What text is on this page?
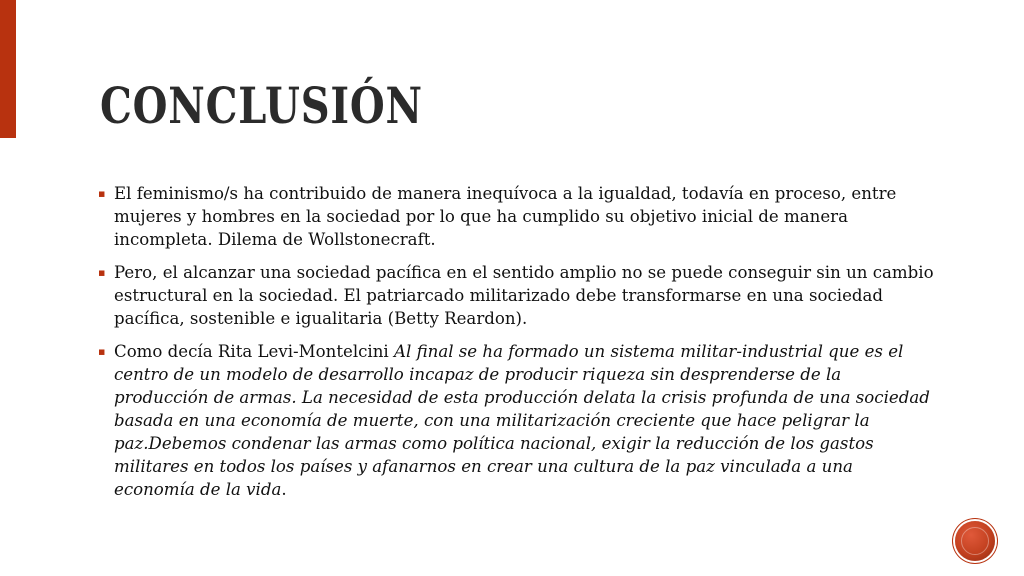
CONCLUSIÓN
▪ El feminismo/s ha contribuido de manera inequívoca a la igualdad, todavía en proceso, entre mujeres y hombres en la sociedad por lo que ha cumplido su objetivo inicial de manera incompleta. Dilema de Wollstonecraft.
▪ Pero, el alcanzar una sociedad pacífica en el sentido amplio no se puede conseguir sin un cambio estructural en la sociedad. El patriarcado militarizado debe transformarse en una sociedad pacífica, sostenible e igualitaria (Betty Reardon).
▪ Como decía Rita Levi-Montelcini Al final se ha formado un sistema militar-industrial que es el centro de un modelo de desarrollo incapaz de producir riqueza sin desprenderse de la producción de armas. La necesidad de esta producción delata la crisis profunda de una sociedad basada en una economía de muerte, con una militarización creciente que hace peligrar la paz.Debemos condenar las armas como política nacional, exigir la reducción de los gastos militares en todos los países y afanarnos en crear una cultura de la paz vinculada a una economía de la vida.
